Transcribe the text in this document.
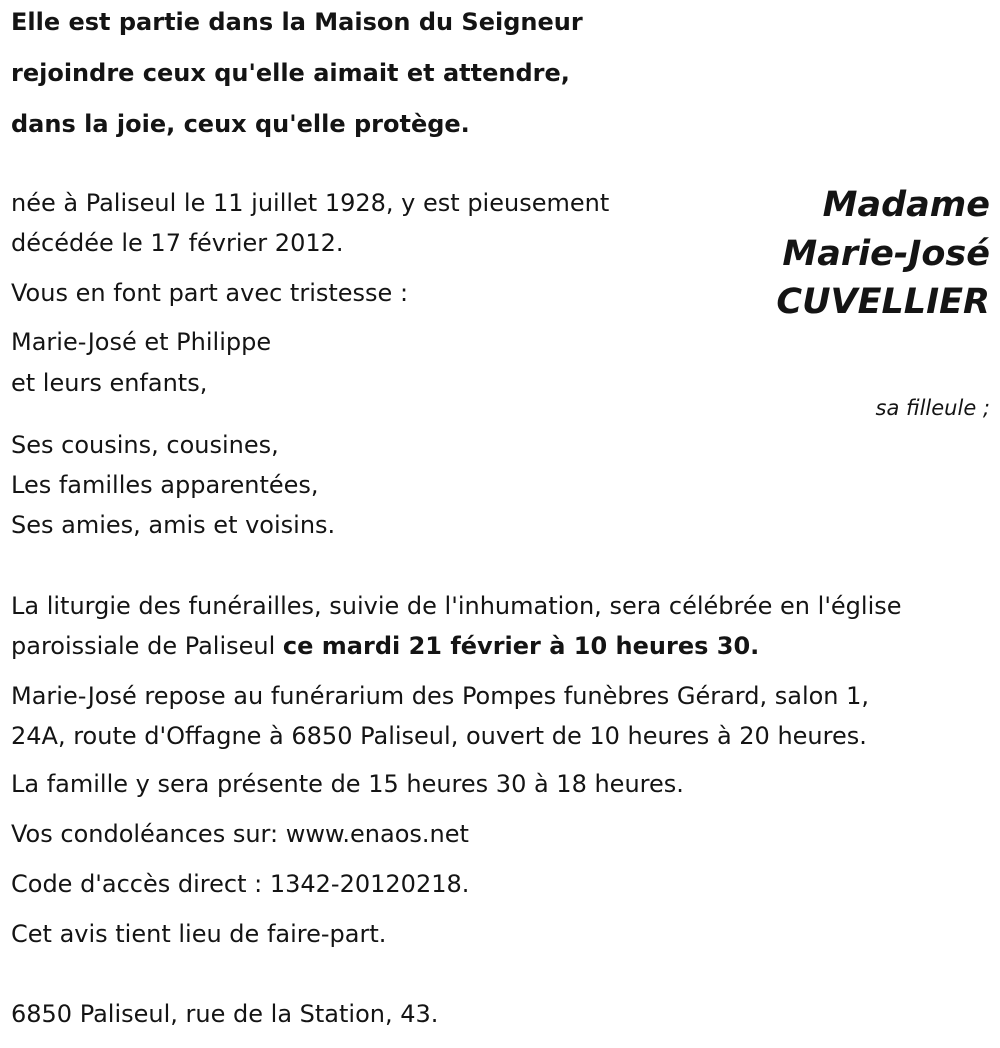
Elle est partie dans la Maison du Seigneur

rejoindre ceux qu'elle aimait et attendre,

dans la joie, ceux qu'elle protège.

Madame
Marie-José
CUVELLIER

née à Paliseul le 11 juillet 1928, y est pieusement

décédée le 17 février 2012.

Vous en font part avec tristesse :

Marie-José et Philippe

et leurs enfants,

sa filleule ;

Ses cousins, cousines,

Les familles apparentées,

Ses amies, amis et voisins.

La liturgie des funérailles, suivie de l'inhumation, sera célébrée en l'église

paroissiale de Paliseul ce mardi 21 février à 10 heures 30.

Marie-José repose au funérarium des Pompes funèbres Gérard, salon 1,

24A, route d'Offagne à 6850 Paliseul, ouvert de 10 heures à 20 heures.

La famille y sera présente de 15 heures 30 à 18 heures.

Vos condoléances sur: www.enaos.net

Code d'accès direct : 1342-20120218.

Cet avis tient lieu de faire-part.

6850 Paliseul, rue de la Station, 43.
